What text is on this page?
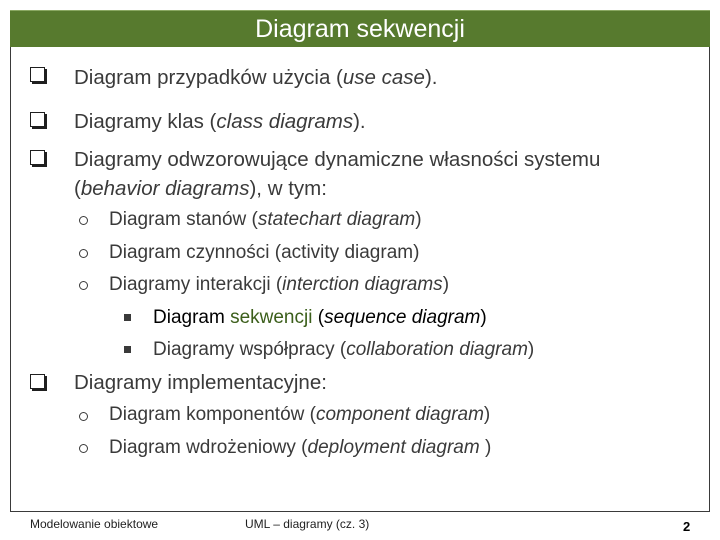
Diagram sekwencji
Diagram przypadków użycia (use case).
Diagramy klas (class diagrams).
Diagramy odwzorowujące dynamiczne własności systemu
(behavior diagrams), w tym:
Diagram stanów (statechart diagram)
Diagram czynności (activity diagram)
Diagramy interakcji (interction diagrams)
Diagram sekwencji (sequence diagram)
Diagramy współpracy (collaboration diagram)
Diagramy implementacyjne:
Diagram komponentów (component diagram)
Diagram wdrożeniowy (deployment diagram )
Modelowanie obiektowe	UML – diagramy (cz. 3)	2
